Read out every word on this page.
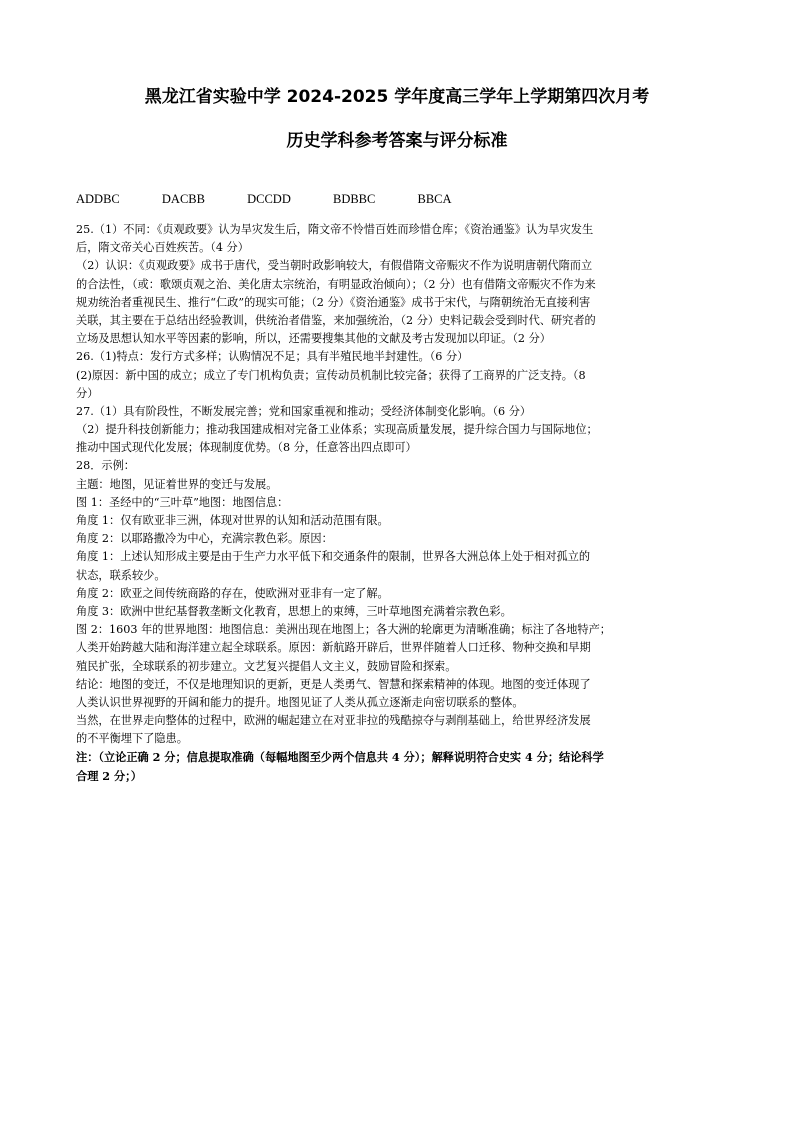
黑龙江省实验中学 2024-2025 学年度高三学年上学期第四次月考
历史学科参考答案与评分标准
ADDBC	DACBB	DCCDD	BDBBC	BBCA
25.（1）不同：《贞观政要》认为旱灾发生后，隋文帝不怜惜百姓而珍惜仓库；《资治通鉴》认为旱灾发生
后，隋文帝关心百姓疾苦。（4 分）
（2）认识：《贞观政要》成书于唐代，受当朝时政影响较大，有假借隋文帝赈灾不作为说明唐朝代隋而立
的合法性，（或：歌颂贞观之治、美化唐太宗统治，有明显政治倾向）；（2 分）也有借隋文帝赈灾不作为来
规劝统治者重视民生、推行“仁政”的现实可能；（2 分）《资治通鉴》成书于宋代，与隋朝统治无直接利害
关联，其主要在于总结出经验教训，供统治者借鉴，来加强统治，（2 分）史料记载会受到时代、研究者的
立场及思想认知水平等因素的影响，所以，还需要搜集其他的文献及考古发现加以印证。（2 分）
26.（1)特点：发行方式多样；认购情况不足；具有半殖民地半封建性。（6 分）
(2)原因：新中国的成立；成立了专门机构负责；宣传动员机制比较完备；获得了工商界的广泛支持。（8
分）
27.（1）具有阶段性，不断发展完善；党和国家重视和推动；受经济体制变化影响。（6 分）
（2）提升科技创新能力；推动我国建成相对完备工业体系；实现高质量发展，提升综合国力与国际地位；
推动中国式现代化发展；体现制度优势。（8 分，任意答出四点即可）
28．示例：
主题：地图，见证着世界的变迁与发展。
图 1：圣经中的“三叶草”地图：地图信息：
角度 1：仅有欧亚非三洲，体现对世界的认知和活动范围有限。
角度 2：以耶路撒冷为中心，充满宗教色彩。原因：
角度 1：上述认知形成主要是由于生产力水平低下和交通条件的限制，世界各大洲总体上处于相对孤立的
状态，联系较少。
角度 2：欧亚之间传统商路的存在，使欧洲对亚非有一定了解。
角度 3：欧洲中世纪基督教垄断文化教育，思想上的束缚，三叶草地图充满着宗教色彩。
图 2：1603 年的世界地图：地图信息：美洲出现在地图上；各大洲的轮廓更为清晰准确；标注了各地特产；
人类开始跨越大陆和海洋建立起全球联系。原因：新航路开辟后，世界伴随着人口迁移、物种交换和早期
殖民扩张，全球联系的初步建立。文艺复兴提倡人文主义，鼓励冒险和探索。
结论：地图的变迁，不仅是地理知识的更新，更是人类勇气、智慧和探索精神的体现。地图的变迁体现了
人类认识世界视野的开阔和能力的提升。地图见证了人类从孤立逐渐走向密切联系的整体。
当然，在世界走向整体的过程中，欧洲的崛起建立在对亚非拉的残酷掠夺与剥削基础上，给世界经济发展
的不平衡埋下了隐患。
注：（立论正确 2 分；信息提取准确（每幅地图至少两个信息共 4 分）；解释说明符合史实 4 分；结论科学
合理 2 分；）
